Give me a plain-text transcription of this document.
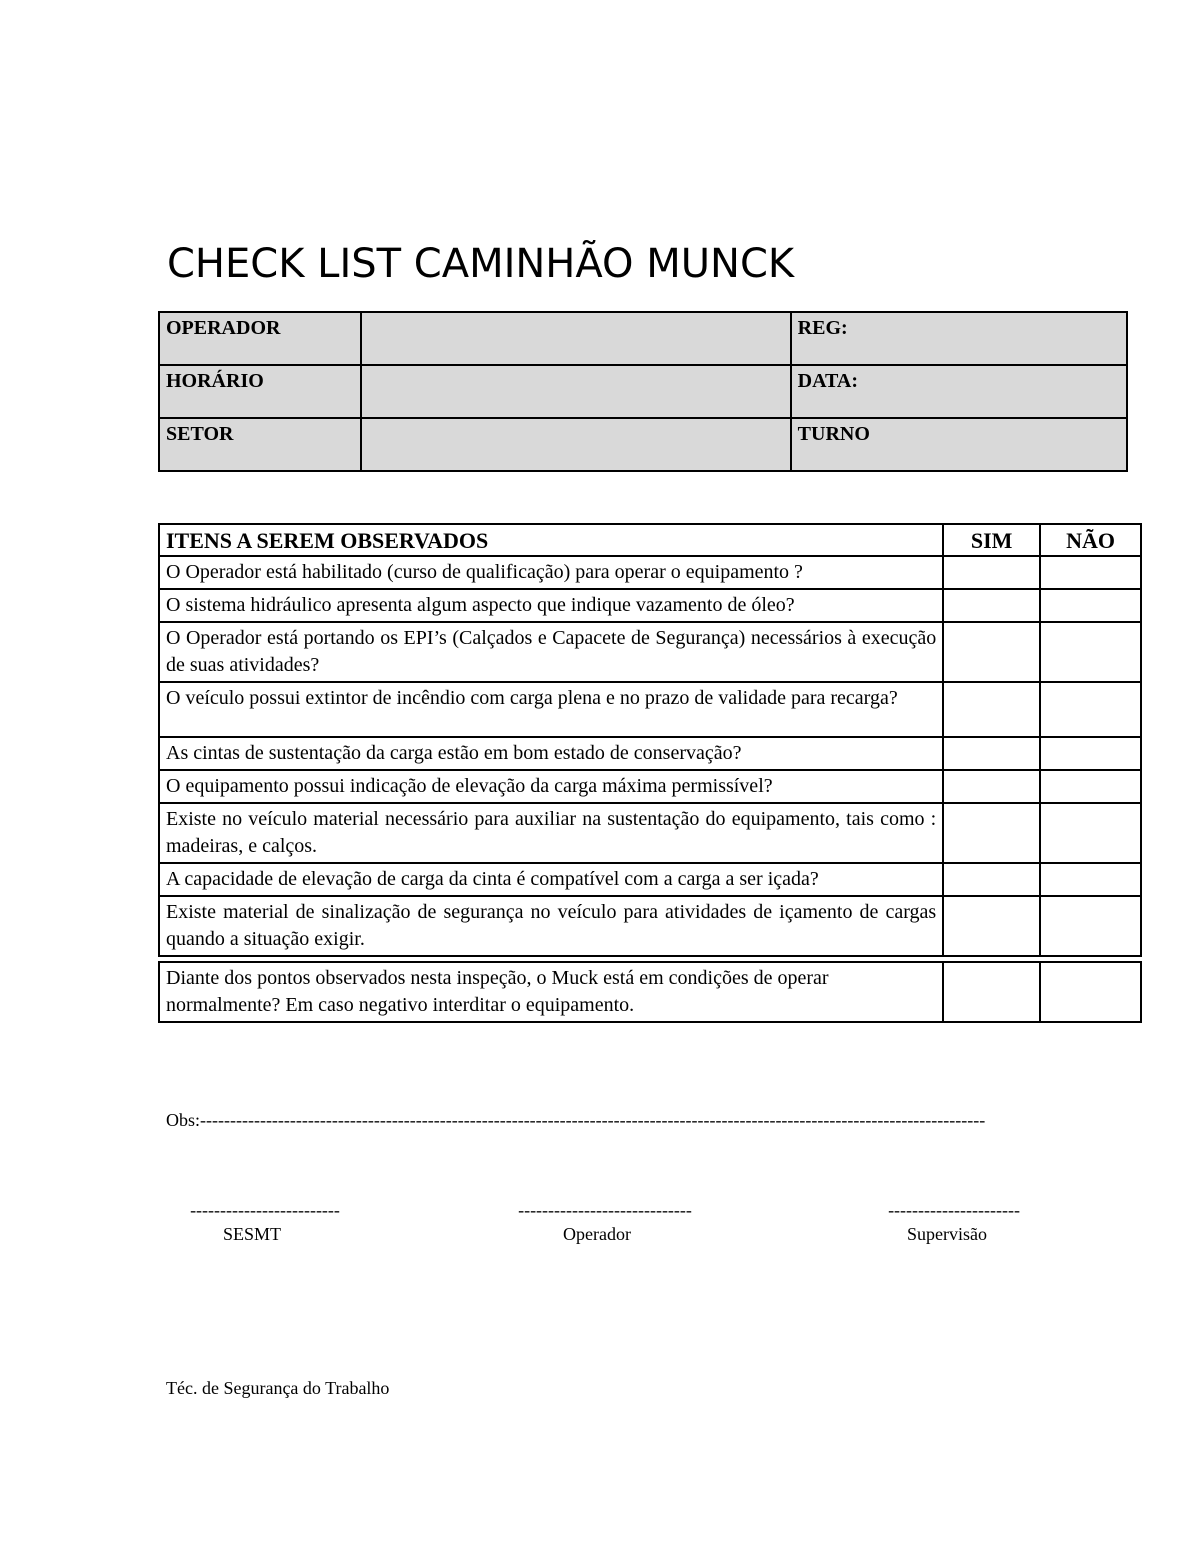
CHECK LIST CAMINHÃO MUNCK
OPERADOR		REG:
HORÁRIO		DATA:
SETOR		TURNO
ITENS A SEREM OBSERVADOS	SIM	NÃO
O Operador está habilitado (curso de qualificação) para operar o equipamento ?		
O sistema hidráulico apresenta algum aspecto que indique vazamento de óleo?		
O Operador está portando os EPI’s (Calçados e Capacete de Segurança) necessários à execução de suas atividades?		
O veículo possui extintor de incêndio com carga plena e no prazo de validade para recarga?		
As cintas de sustentação da carga estão em bom estado de conservação?		
O equipamento possui indicação de elevação da carga máxima permissível?		
Existe no veículo material necessário para auxiliar na sustentação do equipamento, tais como : madeiras, e calços.		
A capacidade de elevação de carga da cinta é compatível com a carga a ser içada?		
Existe material de sinalização de segurança no veículo para atividades de içamento de cargas quando a situação exigir.		
Diante dos pontos observados nesta inspeção, o Muck está em condições de operar normalmente? Em caso negativo interditar o equipamento.		
Obs:-----------------------------------------------------------------------------------------------------------------------------------
-------------------------
SESMT
-----------------------------
Operador
----------------------
Supervisão
Téc. de Segurança do Trabalho
